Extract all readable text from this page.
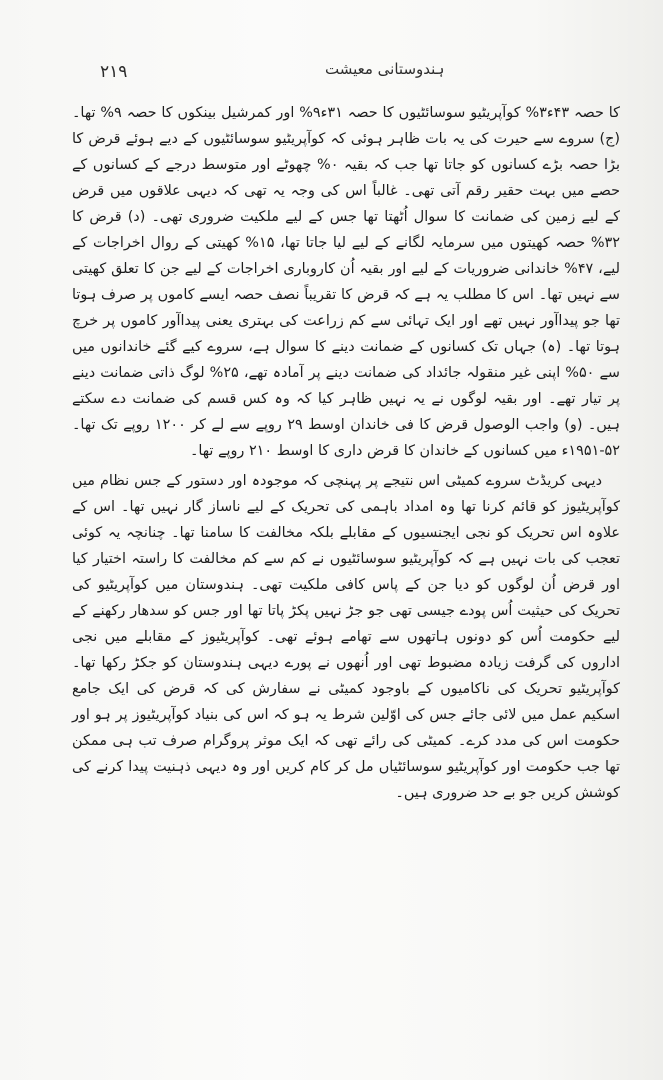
۲۱۹	ہندوستانی معیشت

کا حصہ ۴۳ء۳% کوآپریٹیو سوسائٹیوں کا حصہ ۳۱ء۹% اور کمرشیل بینکوں کا حصہ ۹% تھا۔ (ج) سروے سے حیرت کی یہ بات ظاہر ہوئی کہ کوآپریٹیو سوسائٹیوں کے دیے ہوئے قرض کا بڑا حصہ بڑے کسانوں کو جاتا تھا جب کہ بقیہ ۰% چھوٹے اور متوسط درجے کے کسانوں کے حصے میں بہت حقیر رقم آتی تھی۔ غالباً اس کی وجہ یہ تھی کہ دیہی علاقوں میں قرض کے لیے زمین کی ضمانت کا سوال اُٹھتا تھا جس کے لیے ملکیت ضروری تھی۔ (د) قرض کا ۳۲% حصہ کھیتوں میں سرمایہ لگانے کے لیے لیا جاتا تھا، ۱۵% کھیتی کے روال اخراجات کے لیے، ۴۷% خاندانی ضروریات کے لیے اور بقیہ اُن کاروباری اخراجات کے لیے جن کا تعلق کھیتی سے نہیں تھا۔ اس کا مطلب یہ ہے کہ قرض کا تقریباً نصف حصہ ایسے کاموں پر صرف ہوتا تھا جو پیداآور نہیں تھے اور ایک تہائی سے کم زراعت کی بہتری یعنی پیداآور کاموں پر خرچ ہوتا تھا۔ (ہ) جہاں تک کسانوں کے ضمانت دینے کا سوال ہے، سروے کیے گئے خاندانوں میں سے ۵۰% اپنی غیر منقولہ جائداد کی ضمانت دینے پر آمادہ تھے، ۲۵% لوگ ذاتی ضمانت دینے پر تیار تھے۔ اور بقیہ لوگوں نے یہ نہیں ظاہر کیا کہ وہ کس قسم کی ضمانت دے سکتے ہیں۔ (و) واجب الوصول قرض کا فی خاندان اوسط ۲۹ روپے سے لے کر ۱۲۰۰ روپے تک تھا۔ ۵۲-۱۹۵۱ء میں کسانوں کے خاندان کا قرض داری کا اوسط ۲۱۰ روپے تھا۔

دیہی کریڈٹ سروے کمیٹی اس نتیجے پر پہنچی کہ موجودہ اور دستور کے جس نظام میں کوآپریٹیوز کو قائم کرنا تھا وہ امداد باہمی کی تحریک کے لیے ناساز گار نہیں تھا۔ اس کے علاوہ اس تحریک کو نجی ایجنسیوں کے مقابلے بلکہ مخالفت کا سامنا تھا۔ چنانچہ یہ کوئی تعجب کی بات نہیں ہے کہ کوآپریٹیو سوسائٹیوں نے کم سے کم مخالفت کا راستہ اختیار کیا اور قرض اُن لوگوں کو دیا جن کے پاس کافی ملکیت تھی۔ ہندوستان میں کوآپریٹیو کی تحریک کی حیثیت اُس پودے جیسی تھی جو جڑ نہیں پکڑ پاتا تھا اور جس کو سدھار رکھنے کے لیے حکومت اُس کو دونوں ہاتھوں سے تھامے ہوئے تھی۔ کوآپریٹیوز کے مقابلے میں نجی اداروں کی گرفت زیادہ مضبوط تھی اور اُنھوں نے پورے دیہی ہندوستان کو جکڑ رکھا تھا۔ کوآپریٹیو تحریک کی ناکامیوں کے باوجود کمیٹی نے سفارش کی کہ قرض کی ایک جامع اسکیم عمل میں لائی جائے جس کی اوّلین شرط یہ ہو کہ اس کی بنیاد کوآپریٹیوز پر ہو اور حکومت اس کی مدد کرے۔ کمیٹی کی رائے تھی کہ ایک موثر پروگرام صرف تب ہی ممکن تھا جب حکومت اور کوآپریٹیو سوسائٹیاں مل کر کام کریں اور وہ دیہی ذہنیت پیدا کرنے کی کوشش کریں جو بے حد ضروری ہیں۔
